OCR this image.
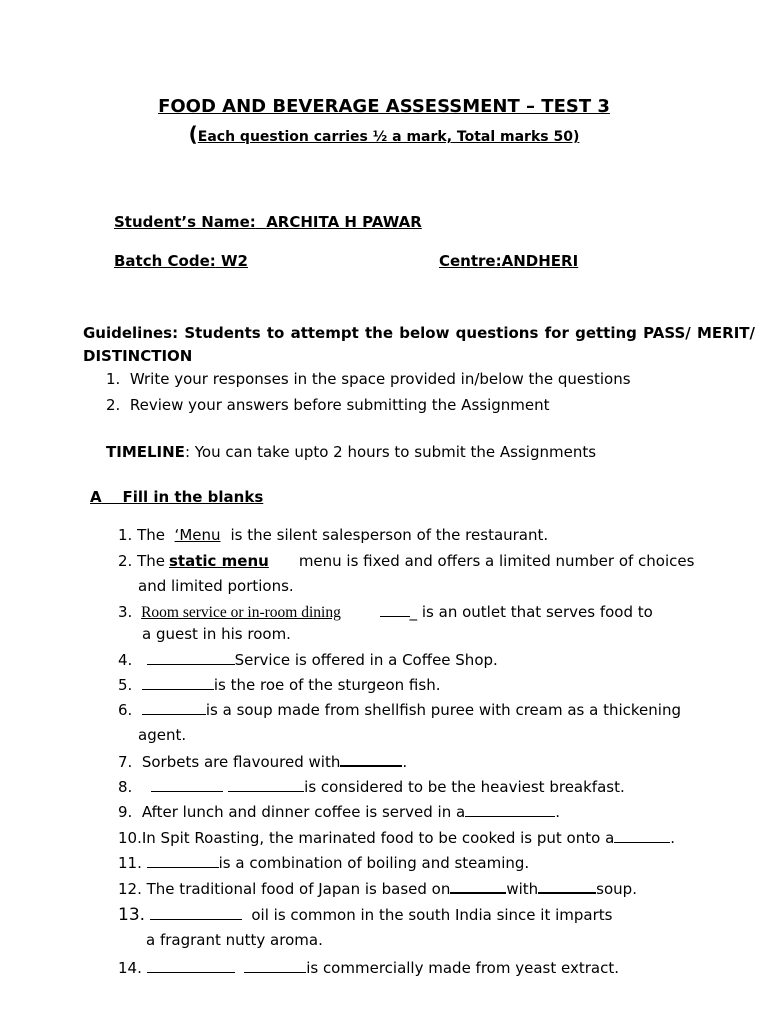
FOOD AND BEVERAGE ASSESSMENT – TEST 3
(Each question carries ½ a mark, Total marks 50)
Student’s Name: ARCHITA H PAWAR
Batch Code: W2	Centre:ANDHERI
Guidelines: Students to attempt the below questions for getting PASS/ MERIT/
DISTINCTION
1. Write your responses in the space provided in/below the questions
2. Review your answers before submitting the Assignment
TIMELINE: You can take upto 2 hours to submit the Assignments
A Fill in the blanks
1. The ‘Menu is the silent salesperson of the restaurant.
2. The static menu menu is fixed and offers a limited number of choices
and limited portions.
3. Room service or in-room dining	_ is an outlet that serves food to
a guest in his room.
4.	Service is offered in a Coffee Shop.
5.	is the roe of the sturgeon fish.
6.	is a soup made from shellfish puree with cream as a thickening
agent.
7. Sorbets are flavoured with	.
8.	is considered to be the heaviest breakfast.
9. After lunch and dinner coffee is served in a	.
10.In Spit Roasting, the marinated food to be cooked is put onto a	.
11.	is a combination of boiling and steaming.
12. The traditional food of Japan is based on	with	soup.
13.	oil is common in the south India since it imparts
a fragrant nutty aroma.
14.	is commercially made from yeast extract.
